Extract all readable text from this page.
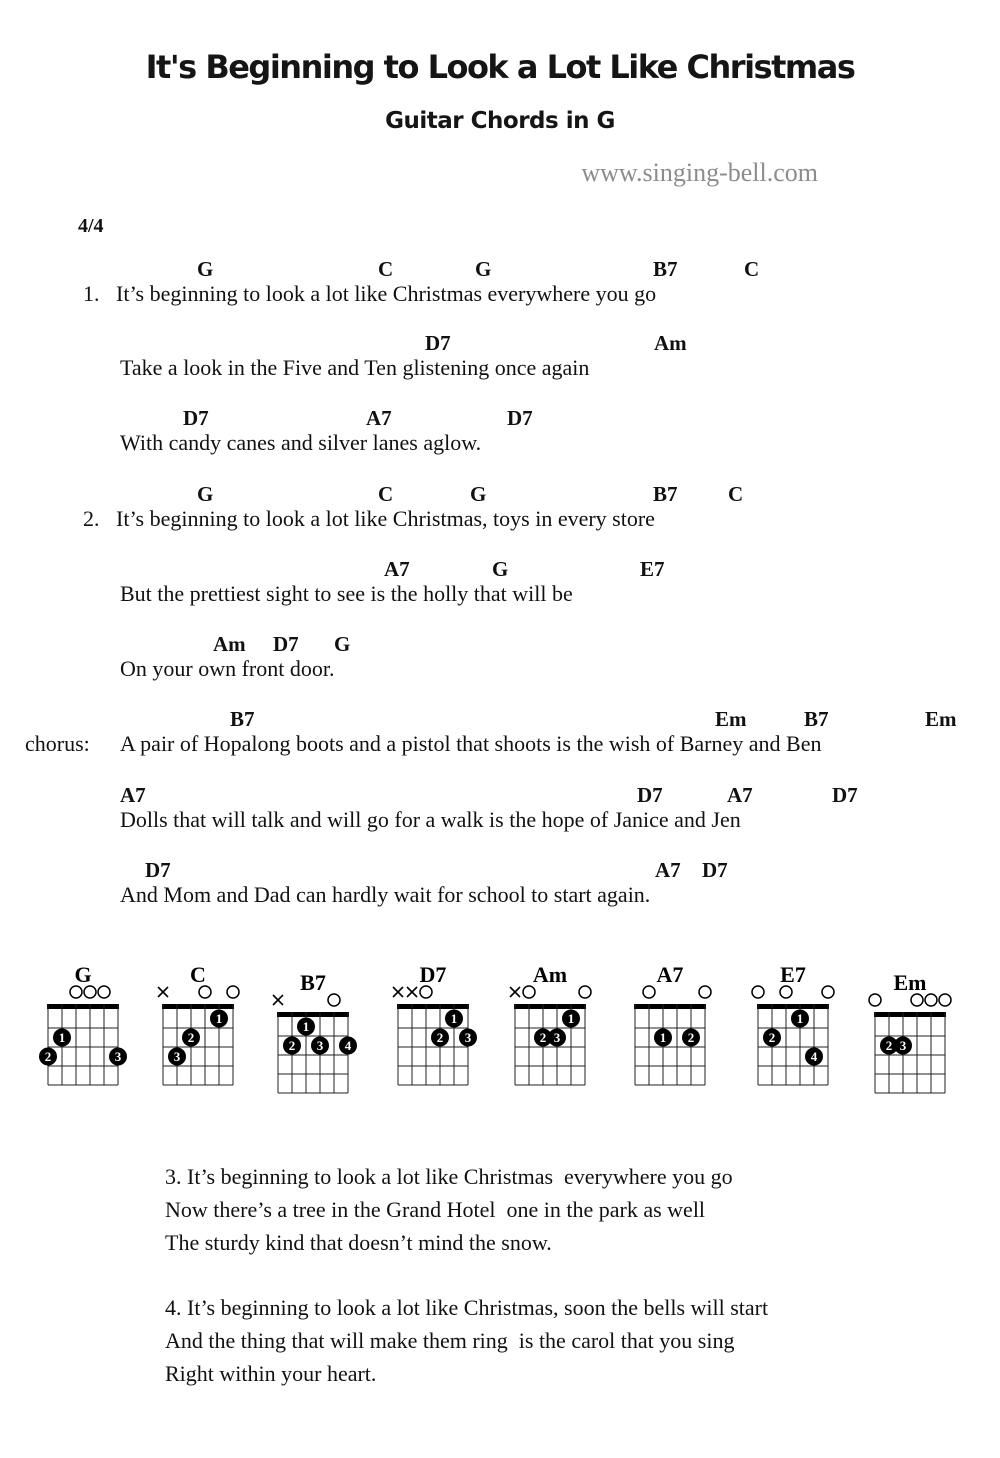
It's Beginning to Look a Lot Like Christmas
Guitar Chords in G
www.singing-bell.com
4/4
G	C	G	B7	C
1.   It’s beginning to look a lot like Christmas everywhere you go
D7	Am
Take a look in the Five and Ten glistening once again
D7	A7	D7
With candy canes and silver lanes aglow.
G	C	G	B7 C
2.   It’s beginning to look a lot like Christmas, toys in every store
A7	G	E7
But the prettiest sight to see is the holly that will be
Am D7 G
On your own front door.
B7	Em	B7	Em
chorus: A pair of Hopalong boots and a pistol that shoots is the wish of Barney and Ben
A7	D7	A7	D7
Dolls that will talk and will go for a walk is the hope of Janice and Jen
D7	A7 D7
And Mom and Dad can hardly wait for school to start again.
G
1
2	3
C
1
2
3
B7
1
2 3 4
D7
1
2 3
Am
1
2 3
A7
1 2
E7
1
2
4
Em
2 3
3. It’s beginning to look a lot like Christmas  everywhere you go
Now there’s a tree in the Grand Hotel  one in the park as well
The sturdy kind that doesn’t mind the snow.
4. It’s beginning to look a lot like Christmas, soon the bells will start
And the thing that will make them ring  is the carol that you sing
Right within your heart.
